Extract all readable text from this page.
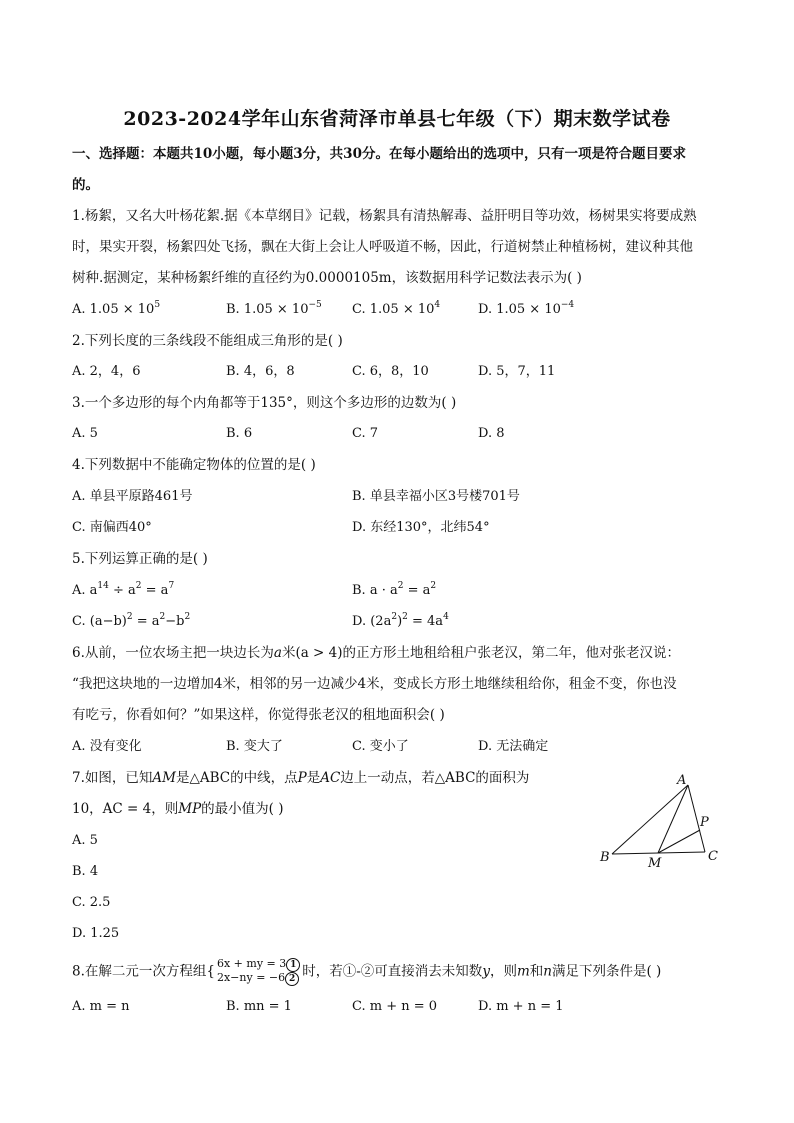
2023-2024学年山东省菏泽市单县七年级（下）期末数学试卷
一、选择题：本题共10小题，每小题3分，共30分。在每小题给出的选项中，只有一项是符合题目要求
的。
1.杨絮，又名大叶杨花絮.据《本草纲目》记载，杨絮具有清热解毒、益肝明目等功效，杨树果实将要成熟
时，果实开裂，杨絮四处飞扬，飘在大街上会让人呼吸道不畅，因此，行道树禁止种植杨树，建议种其他
树种.据测定，某种杨絮纤维的直径约为0.0000105m，该数据用科学记数法表示为( )
A. $1.05 \times 10^5$	B. $1.05 \times 10^{-5}$ C. $1.05 \times 10^4$	D. $1.05 \times 10^{-4}$
2.下列长度的三条线段不能组成三角形的是( )
A. 2，4，6	B. 4，6，8	C. 6，8，10	D. 5，7，11
3.一个多边形的每个内角都等于135°，则这个多边形的边数为( )
A. 5	B. 6	C. 7	D. 8
4.下列数据中不能确定物体的位置的是( )
A. 单县平原路461号	B. 单县幸福小区3号楼701号
C. 南偏西40°	D. 东经130°，北纬54°
5.下列运算正确的是( )
A. $a^{14} \div a^2 = a^7$	B. $a \cdot a^2 = a^2$
C. $(a-b)^2 = a^2-b^2$	D. $(2a^2)^2 = 4a^4$
6.从前，一位农场主把一块边长为a米(a > 4)的正方形土地租给租户张老汉，第二年，他对张老汉说：
“我把这块地的一边增加4米，相邻的另一边减少4米，变成长方形土地继续租给你，租金不变，你也没
有吃亏，你看如何？”如果这样，你觉得张老汉的租地面积会( )
A. 没有变化	B. 变大了	C. 变小了	D. 无法确定
7.如图，已知AM是△ABC的中线，点P是AC边上一动点，若△ABC的面积为
10，AC = 4，则MP的最小值为( )
A. 5
B. 4
C. 2.5
D. 1.25
A
B	C
M
P
8.在解二元一次方程组{ 6x + my = 3 1
2x−ny = −6 2 时，若①-②可直接消去未知数y，则m和n满足下列条件是( )
A. m = n	B. mn = 1	C. m + n = 0	D. m + n = 1
